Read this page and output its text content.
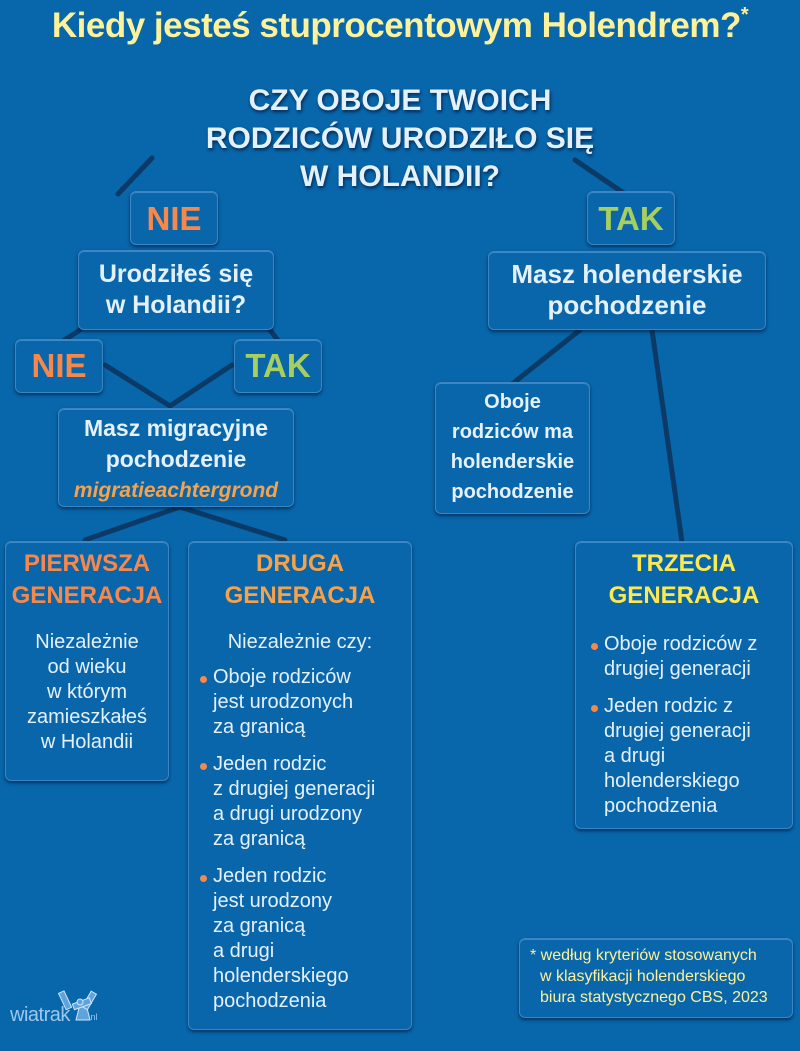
Kiedy jesteś stuprocentowym Holendrem?*
CZY OBOJE TWOICH
RODZICÓW URODZIŁO SIĘ
W HOLANDII?
NIE
Urodziłeś się
w Holandii?
NIE	TAK
Masz migracyjne
pochodzenie
migratieachtergrond
TAK
Masz holenderskie
pochodzenie
Oboje
rodziców ma
holenderskie
pochodzenie
PIERWSZA
GENERACJA
Niezależnie
od wieku
w którym
zamieszkałeś
w Holandii
DRUGA
GENERACJA
Niezależnie czy:
Oboje rodziców
jest urodzonych
za granicą
Jeden rodzic
z drugiej generacji
a drugi urodzony
za granicą
Jeden rodzic
jest urodzony
za granicą
a drugi
holenderskiego
pochodzenia
TRZECIA
GENERACJA
Oboje rodziców z
drugiej generacji
Jeden rodzic z
drugiej generacji
a drugi
holenderskiego
pochodzenia
* według kryteriów stosowanych
w klasyfikacji holenderskiego
biura statystycznego CBS, 2023
wiatrak .nl
